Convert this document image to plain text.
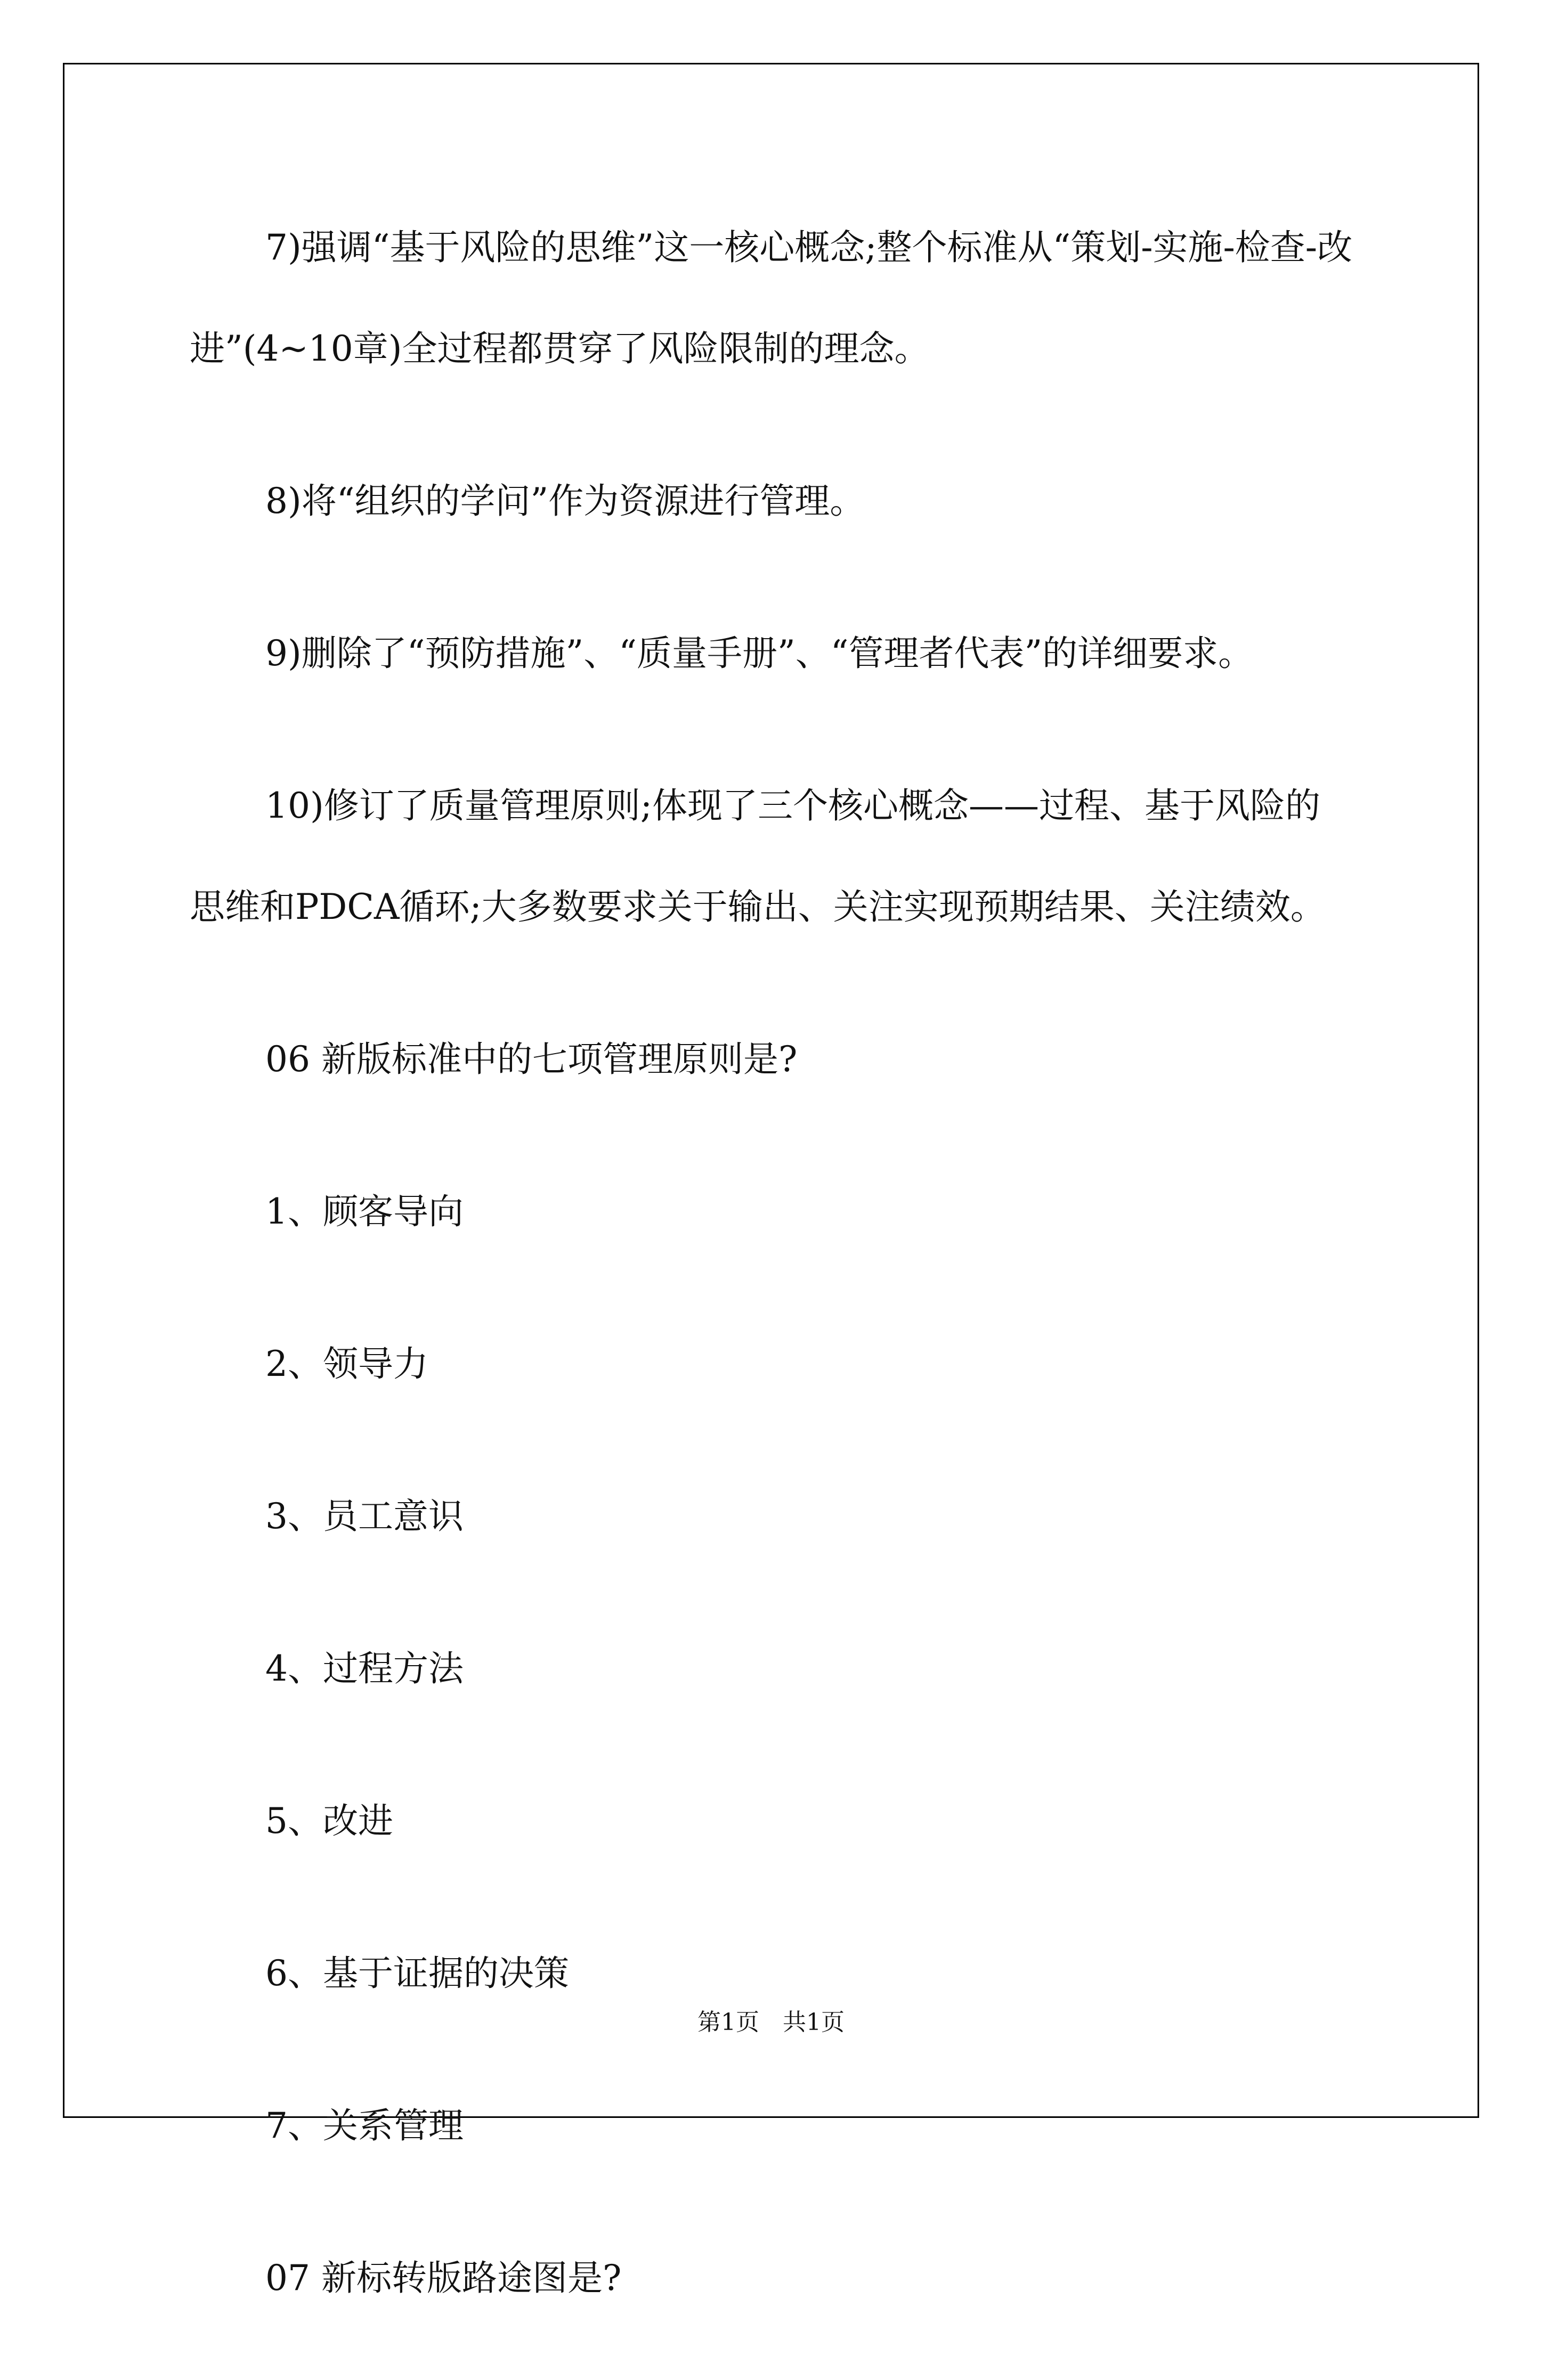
7)强调“基于风险的思维”这一核心概念;整个标准从“策划-实施-检查-改进”(4~10章)全过程都贯穿了风险限制的理念。

8)将“组织的学问”作为资源进行管理。

9)删除了“预防措施”、“质量手册”、“管理者代表”的详细要求。

10)修订了质量管理原则;体现了三个核心概念——过程、基于风险的思维和PDCA循环;大多数要求关于输出、关注实现预期结果、关注绩效。

06 新版标准中的七项管理原则是?

1、顾客导向

2、领导力

3、员工意识

4、过程方法

5、改进

6、基于证据的决策

7、关系管理

07 新标转版路途图是?

第1页　共1页
